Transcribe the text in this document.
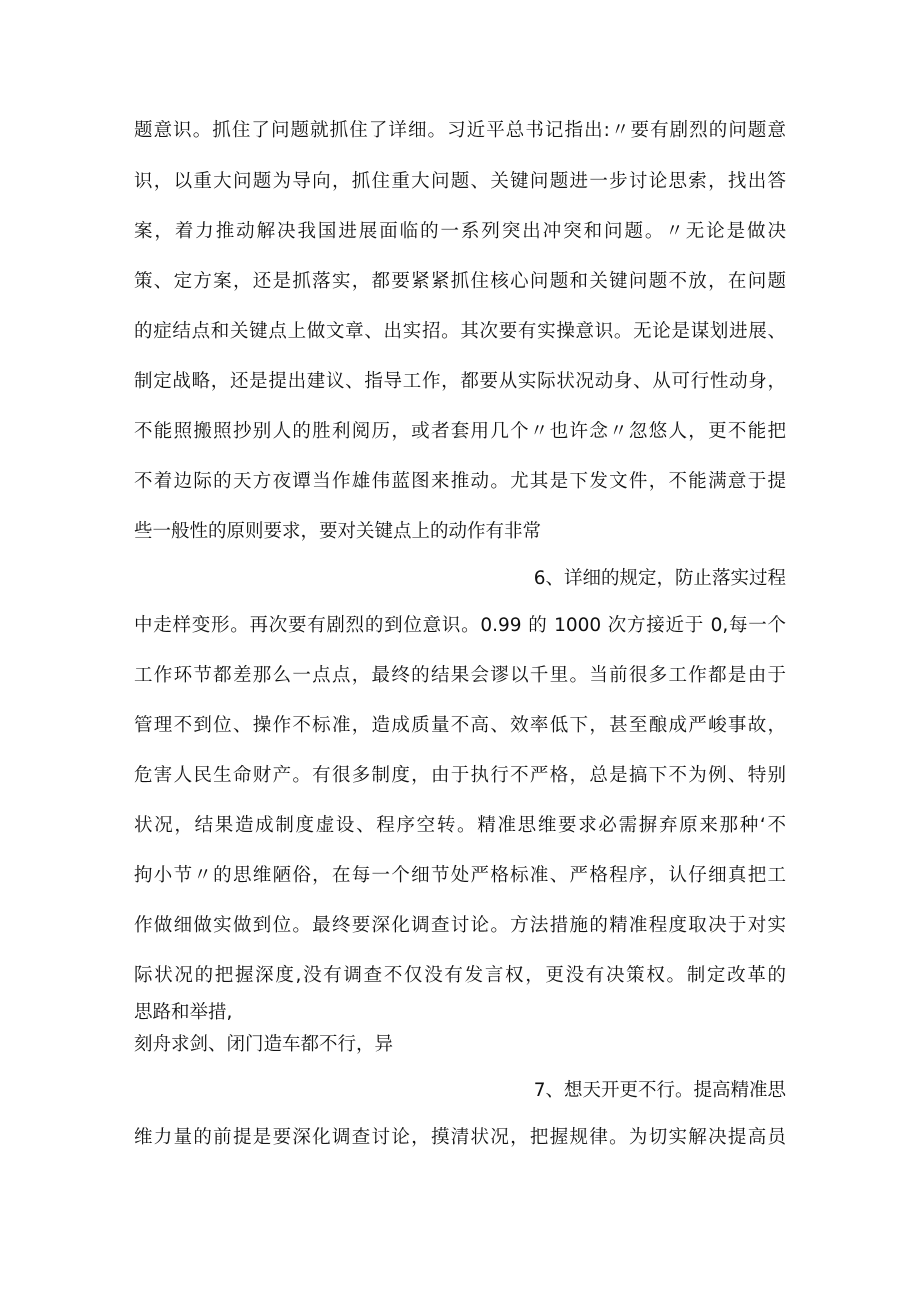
题意识。抓住了问题就抓住了详细。习近平总书记指出:〃要有剧烈的问题意
识，以重大问题为导向，抓住重大问题、关键问题进一步讨论思索，找出答
案，着力推动解决我国进展面临的一系列突出冲突和问题。〃无论是做决
策、定方案，还是抓落实，都要紧紧抓住核心问题和关键问题不放，在问题
的症结点和关键点上做文章、出实招。其次要有实操意识。无论是谋划进展、
制定战略，还是提出建议、指导工作，都要从实际状况动身、从可行性动身，
不能照搬照抄别人的胜利阅历，或者套用几个〃也许念〃忽悠人，更不能把
不着边际的天方夜谭当作雄伟蓝图来推动。尤其是下发文件，不能满意于提
些一般性的原则要求，要对关键点上的动作有非常
6、详细的规定，防止落实过程
中走样变形。再次要有剧烈的到位意识。0.99 的 1000 次方接近于 0,每一个
工作环节都差那么一点点，最终的结果会谬以千里。当前很多工作都是由于
管理不到位、操作不标准，造成质量不高、效率低下，甚至酿成严峻事故，
危害人民生命财产。有很多制度，由于执行不严格，总是搞下不为例、特别
状况，结果造成制度虚设、程序空转。精准思维要求必需摒弃原来那种‘不
拘小节〃的思维陋俗，在每一个细节处严格标准、严格程序，认仔细真把工
作做细做实做到位。最终要深化调查讨论。方法措施的精准程度取决于对实
际状况的把握深度,没有调查不仅没有发言权，更没有决策权。制定改革的
思路和举措,
刻舟求剑、闭门造车都不行，异
7、想天开更不行。提高精准思
维力量的前提是要深化调查讨论，摸清状况，把握规律。为切实解决提高员
